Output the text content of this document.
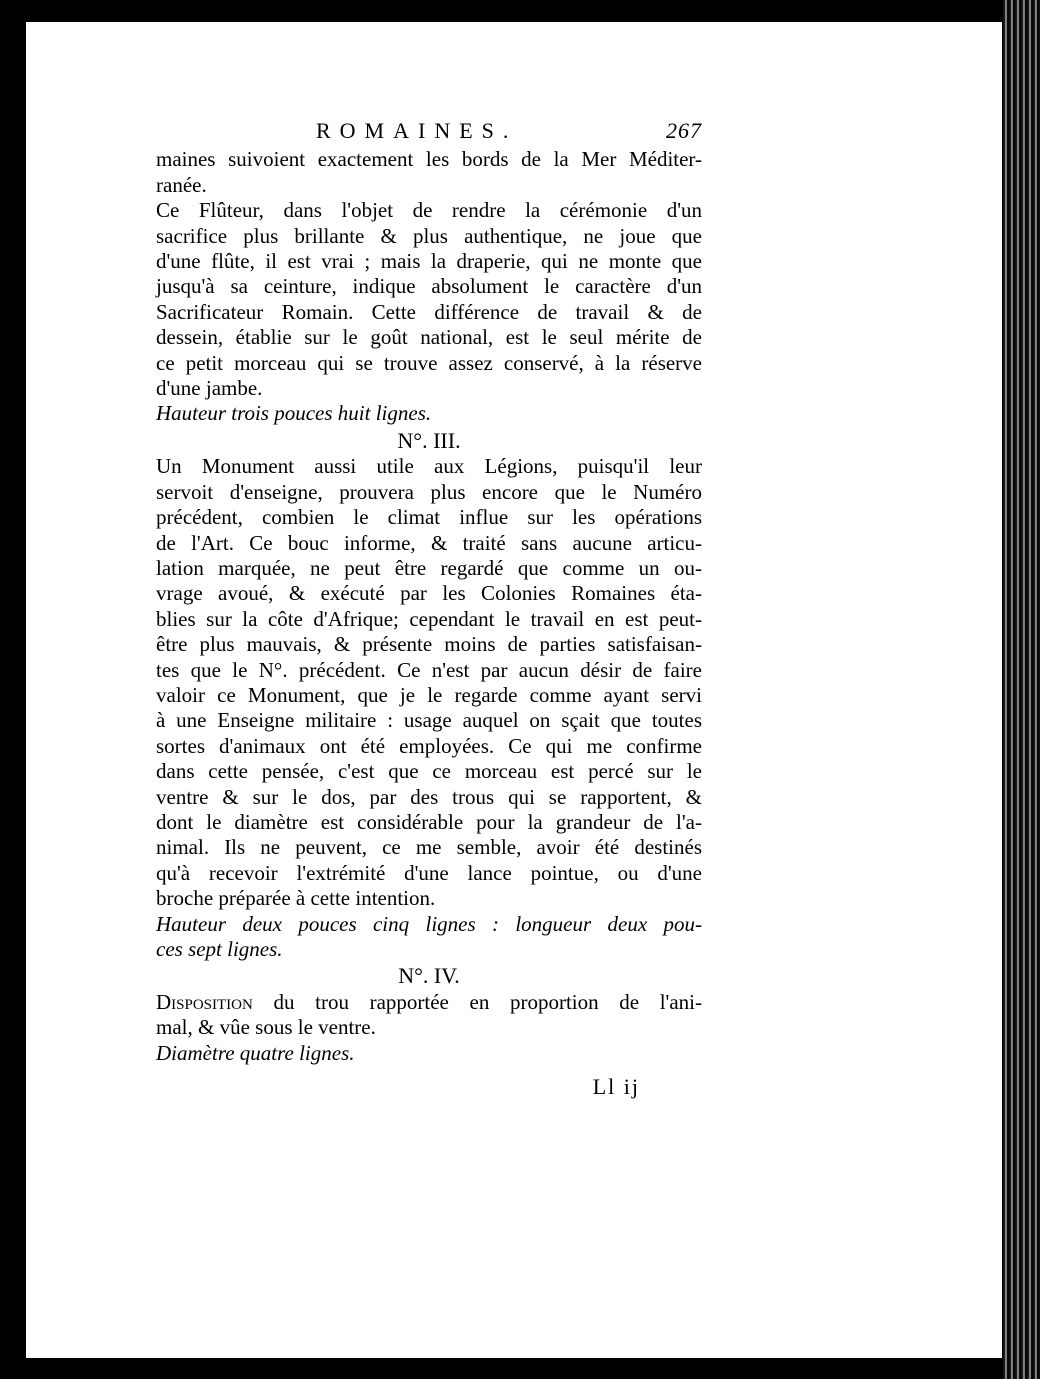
ROMAINES.	267

maines suivoient exactement les bords de la Mer Méditer-
ranée.

Ce Flûteur, dans l'objet de rendre la cérémonie d'un
sacrifice plus brillante & plus authentique, ne joue que
d'une flûte, il est vrai ; mais la draperie, qui ne monte que
jusqu'à sa ceinture, indique absolument le caractère d'un
Sacrificateur Romain. Cette différence de travail & de
dessein, établie sur le goût national, est le seul mérite de
ce petit morceau qui se trouve assez conservé, à la réserve
d'une jambe.

Hauteur trois pouces huit lignes.

N°. III.

Un Monument aussi utile aux Légions, puisqu'il leur
servoit d'enseigne, prouvera plus encore que le Numéro
précédent, combien le climat influe sur les opérations
de l'Art. Ce bouc informe, & traité sans aucune articu-
lation marquée, ne peut être regardé que comme un ou-
vrage avoué, & exécuté par les Colonies Romaines éta-
blies sur la côte d'Afrique; cependant le travail en est peut-
être plus mauvais, & présente moins de parties satisfaisan-
tes que le N°. précédent. Ce n'est par aucun désir de faire
valoir ce Monument, que je le regarde comme ayant servi
à une Enseigne militaire : usage auquel on sçait que toutes
sortes d'animaux ont été employées. Ce qui me confirme
dans cette pensée, c'est que ce morceau est percé sur le
ventre & sur le dos, par des trous qui se rapportent, &
dont le diamètre est considérable pour la grandeur de l'a-
nimal. Ils ne peuvent, ce me semble, avoir été destinés
qu'à recevoir l'extrémité d'une lance pointue, ou d'une
broche préparée à cette intention.

Hauteur deux pouces cinq lignes : longueur deux pou-
ces sept lignes.

N°. IV.

Disposition du trou rapportée en proportion de l'ani-
mal, & vûe sous le ventre.

Diamètre quatre lignes.

Ll ij
